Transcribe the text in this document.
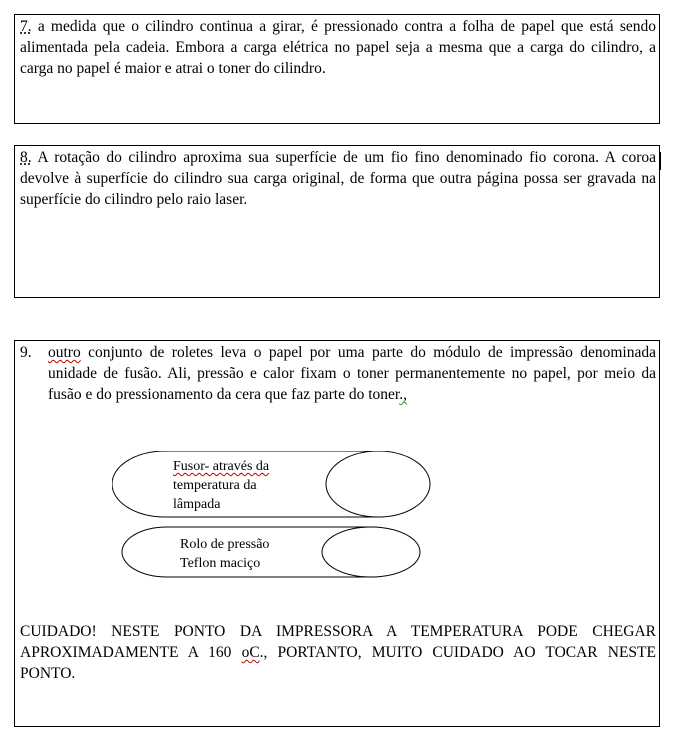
7. a medida que o cilindro continua a girar, é pressionado contra a folha de papel que está sendo alimentada pela cadeia. Embora a carga elétrica no papel seja a mesma que a carga do cilindro, a carga no papel é maior e atrai o toner do cilindro.

8. A rotação do cilindro aproxima sua superfície de um fio fino denominado fio corona. A coroa devolve à superfície do cilindro sua carga original, de forma que outra página possa ser gravada na superfície do cilindro pelo raio laser.

9. outro conjunto de roletes leva o papel por uma parte do módulo de impressão denominada unidade de fusão. Ali, pressão e calor fixam o toner permanentemente no papel, por meio da fusão e do pressionamento da cera que faz parte do toner.,
Fusor- através da
temperatura da
lâmpada
Rolo de pressão
Teflon maciço

CUIDADO! NESTE PONTO DA IMPRESSORA A TEMPERATURA PODE CHEGAR APROXIMADAMENTE A 160 oC., PORTANTO, MUITO CUIDADO AO TOCAR NESTE PONTO.
